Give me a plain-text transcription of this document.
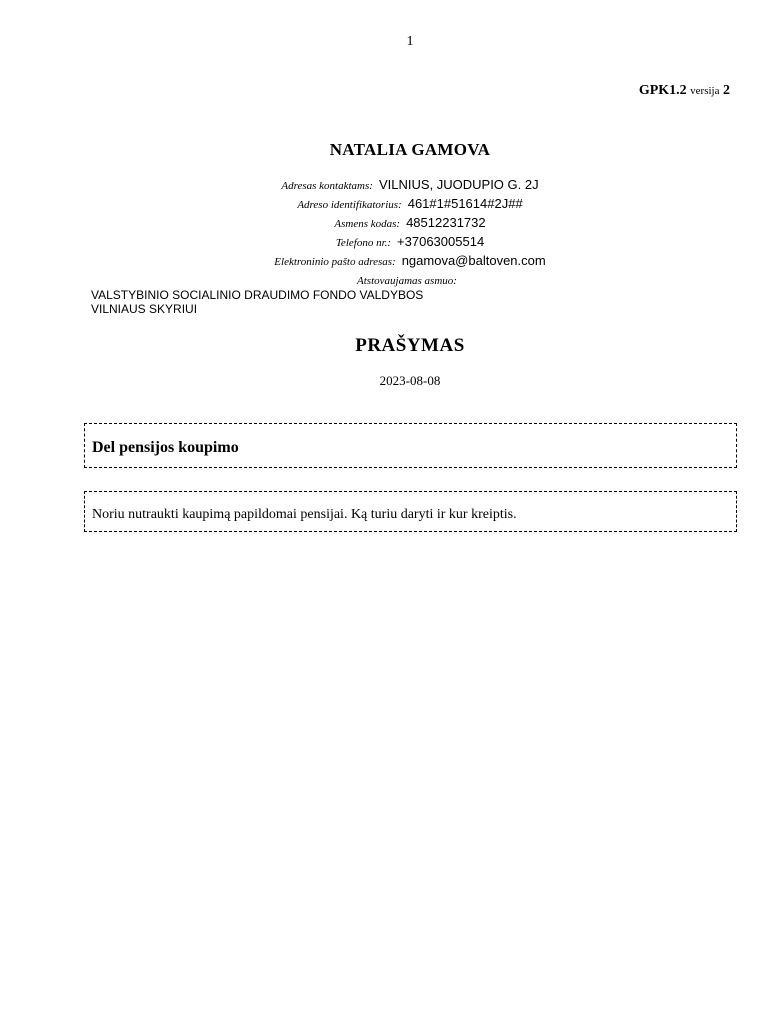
1
GPK1.2 versija 2
NATALIA GAMOVA
Adresas kontaktams: VILNIUS, JUODUPIO G. 2J
Adreso identifikatorius: 461#1#51614#2J##
Asmens kodas: 48512231732
Telefono nr.: +37063005514
Elektroninio pašto adresas: ngamova@baltoven.com
Atstovaujamas asmuo:
VALSTYBINIO SOCIALINIO DRAUDIMO FONDO VALDYBOS
VILNIAUS SKYRIUI
PRAŠYMAS
2023-08-08
Del pensijos koupimo
Noriu nutraukti kaupimą papildomai pensijai. Ką turiu daryti ir kur kreiptis.
